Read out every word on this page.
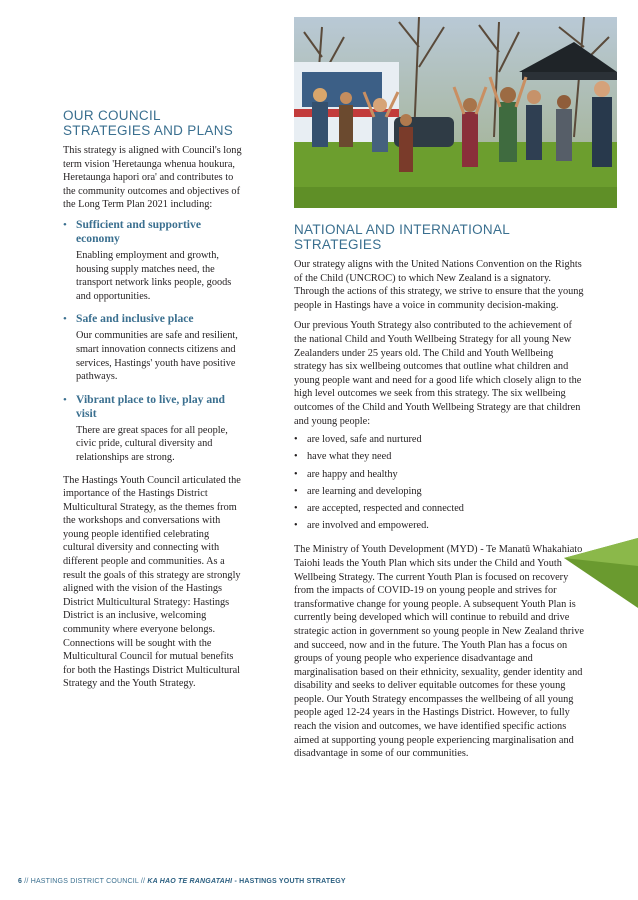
OUR COUNCIL
STRATEGIES AND PLANS

This strategy is aligned with Council's long term vision 'Heretaunga whenua houkura, Heretaunga hapori ora' and contributes to the community outcomes and objectives of the Long Term Plan 2021 including:

• Sufficient and supportive economy
Enabling employment and growth, housing supply matches need, the transport network links people, goods and opportunities.
• Safe and inclusive place
Our communities are safe and resilient, smart innovation connects citizens and services, Hastings' youth have positive pathways.
• Vibrant place to live, play and visit
There are great spaces for all people, civic pride, cultural diversity and relationships are strong.

The Hastings Youth Council articulated the importance of the Hastings District Multicultural Strategy, as the themes from the workshops and conversations with young people identified celebrating cultural diversity and connecting with different people and communities. As a result the goals of this strategy are strongly aligned with the vision of the Hastings District Multicultural Strategy: Hastings District is an inclusive, welcoming community where everyone belongs. Connections will be sought with the Multicultural Council for mutual benefits for both the Hastings District Multicultural Strategy and the Youth Strategy.

NATIONAL AND INTERNATIONAL
STRATEGIES

Our strategy aligns with the United Nations Convention on the Rights of the Child (UNCROC) to which New Zealand is a signatory. Through the actions of this strategy, we strive to ensure that the young people in Hastings have a voice in community decision-making.

Our previous Youth Strategy also contributed to the achievement of the national Child and Youth Wellbeing Strategy for all young New Zealanders under 25 years old. The Child and Youth Wellbeing strategy has six wellbeing outcomes that outline what children and young people want and need for a good life which closely align to the high level outcomes we seek from this strategy. The six wellbeing outcomes of the Child and Youth Wellbeing Strategy are that children and young people:

• are loved, safe and nurtured
• have what they need
• are happy and healthy
• are learning and developing
• are accepted, respected and connected
• are involved and empowered.

The Ministry of Youth Development (MYD) - Te Manatū Whakahiato Taiohi leads the Youth Plan which sits under the Child and Youth Wellbeing Strategy. The current Youth Plan is focused on recovery from the impacts of COVID-19 on young people and strives for transformative change for young people. A subsequent Youth Plan is currently being developed which will continue to rebuild and drive strategic action in government so young people in New Zealand thrive and succeed, now and in the future. The Youth Plan has a focus on groups of young people who experience disadvantage and marginalisation based on their ethnicity, sexuality, gender identity and disability and seeks to deliver equitable outcomes for these young people. Our Youth Strategy encompasses the wellbeing of all young people aged 12-24 years in the Hastings District. However, to fully reach the vision and outcomes, we have identified specific actions aimed at supporting young people experiencing marginalisation and disadvantage in some of our communities.

6 // HASTINGS DISTRICT COUNCIL // KA HAO TE RANGATAHI - HASTINGS YOUTH STRATEGY
